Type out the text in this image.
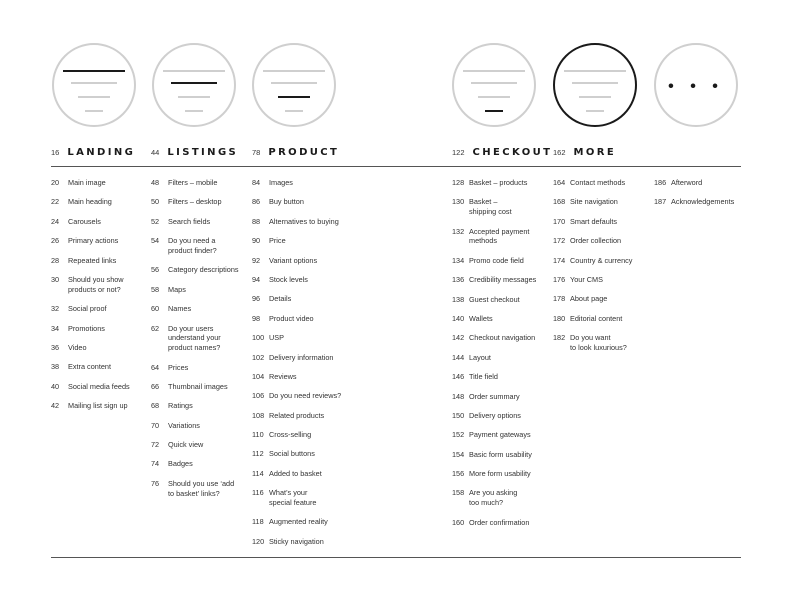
• • •
16 LANDING 44 LISTINGS 78 PRODUCT	122 CHECKOUT 162 MORE
20	Main image
22	Main heading
24	Carousels
26	Primary actions
28	Repeated links
30	Should you show
products or not?
32	Social proof
34	Promotions
36	Video
38	Extra content
40	Social media feeds
42	Mailing list sign up
48	Filters – mobile
50	Filters – desktop
52	Search fields
54	Do you need a
product finder?
56	Category descriptions
58	Maps
60	Names
62	Do your users
understand your
product names?
64	Prices
66	Thumbnail images
68	Ratings
70	Variations
72	Quick view
74	Badges
76	Should you use ‘add
to basket’ links?
84	Images
86	Buy button
88	Alternatives to buying
90	Price
92	Variant options
94	Stock levels
96	Details
98	Product video
100 USP
102 Delivery information
104 Reviews
106 Do you need reviews?
108 Related products
110 Cross-selling
112 Social buttons
114 Added to basket
116 What’s your
special feature
118 Augmented reality
120 Sticky navigation
128 Basket – products
130 Basket –
shipping cost
132 Accepted payment
methods
134 Promo code field
136 Credibility messages
138 Guest checkout
140 Wallets
142 Checkout navigation
144 Layout
146 Title field
148 Order summary
150 Delivery options
152 Payment gateways
154 Basic form usability
156 More form usability
158 Are you asking
too much?
160 Order confirmation
164 Contact methods
168 Site navigation
170 Smart defaults
172 Order collection
174 Country & currency
176 Your CMS
178 About page
180 Editorial content
182 Do you want
to look luxurious?
186 Afterword
187 Acknowledgements
